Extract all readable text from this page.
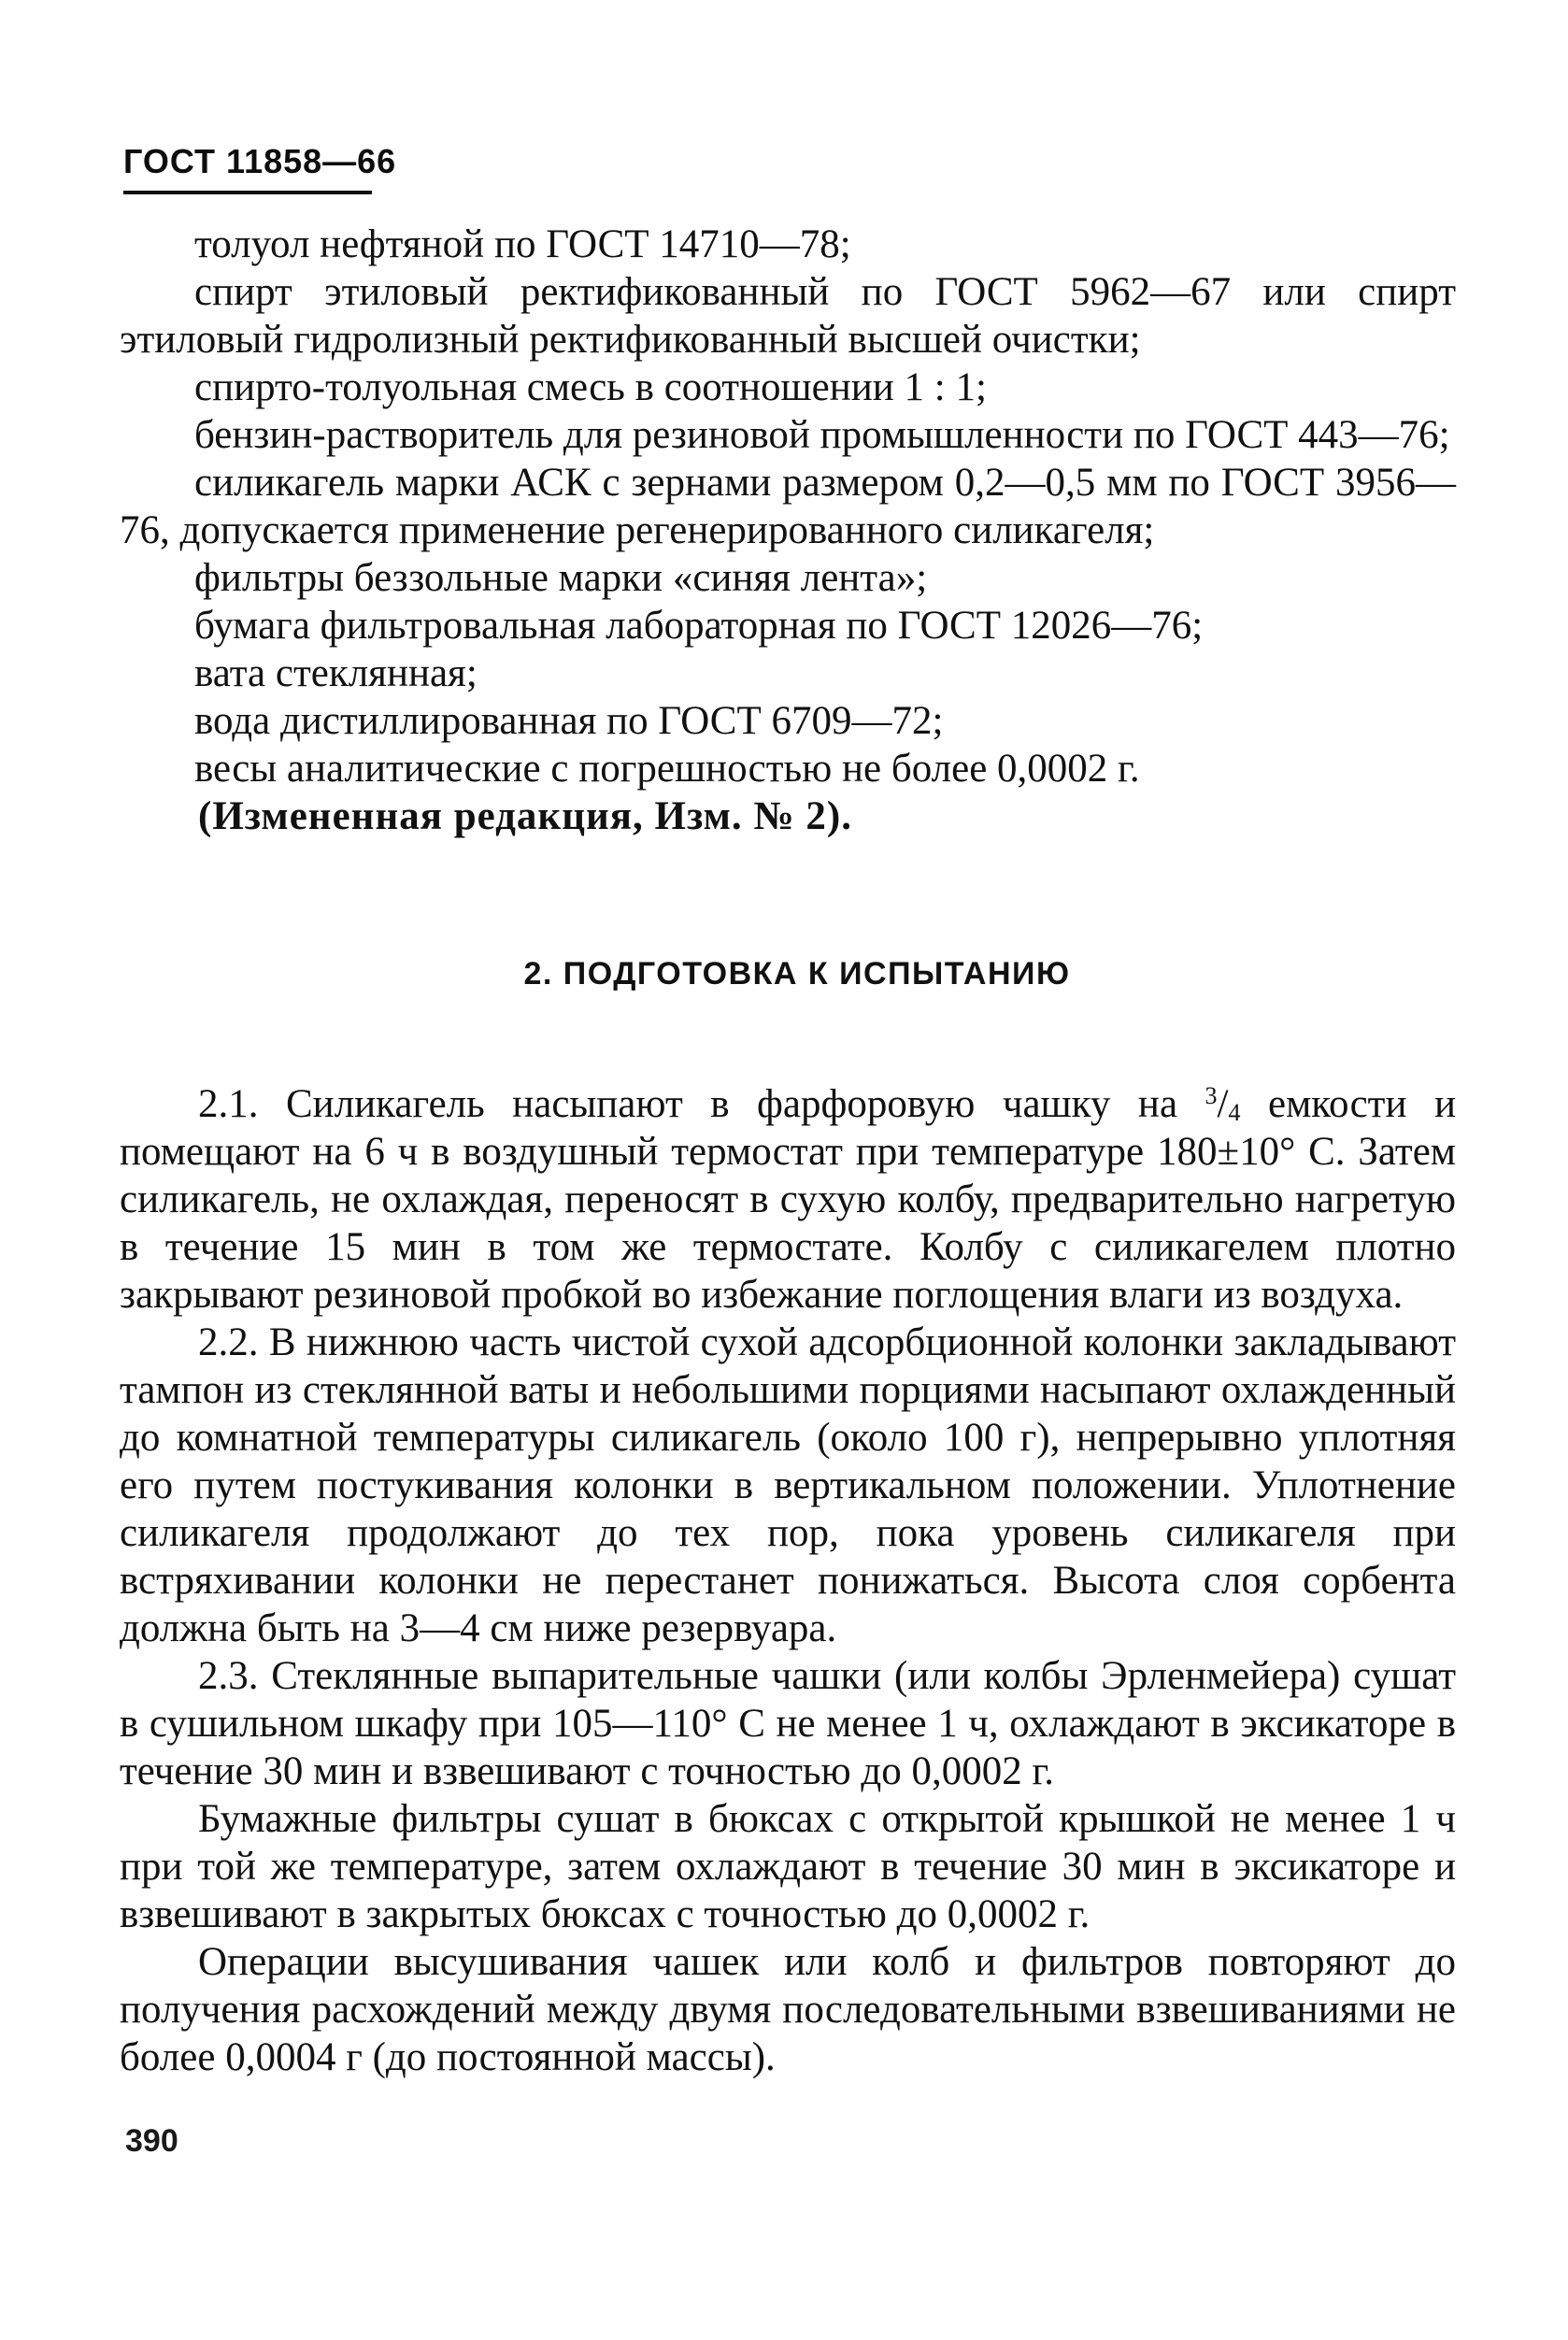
ГОСТ 11858—66

толуол нефтяной по ГОСТ 14710—78;

спирт этиловый ректификованный по ГОСТ 5962—67 или спирт этиловый гидролизный ректификованный высшей очистки;

спирто-толуольная смесь в соотношении 1 : 1;

бензин-растворитель для резиновой промышленности по ГОСТ 443—76;

силикагель марки АСК с зернами размером 0,2—0,5 мм по ГОСТ 3956—76, допускается применение регенерированного силикагеля;

фильтры беззольные марки «синяя лента»;

бумага фильтровальная лабораторная по ГОСТ 12026—76;

вата стеклянная;

вода дистиллированная по ГОСТ 6709—72;

весы аналитические с погрешностью не более 0,0002 г.

(Измененная редакция, Изм. № 2).

2. ПОДГОТОВКА К ИСПЫТАНИЮ

2.1. Силикагель насыпают в фарфоровую чашку на $^3/_4$ емкости и помещают на 6 ч в воздушный термостат при температуре 180±10° С. Затем силикагель, не охлаждая, переносят в сухую колбу, предварительно нагретую в течение 15 мин в том же термостате. Колбу с силикагелем плотно закрывают резиновой пробкой во избежание поглощения влаги из воздуха.

2.2. В нижнюю часть чистой сухой адсорбционной колонки закладывают тампон из стеклянной ваты и небольшими порциями насыпают охлажденный до комнатной температуры силикагель (около 100 г), непрерывно уплотняя его путем постукивания колонки в вертикальном положении. Уплотнение силикагеля продолжают до тех пор, пока уровень силикагеля при встряхивании колонки не перестанет понижаться. Высота слоя сорбента должна быть на 3—4 см ниже резервуара.

2.3. Стеклянные выпарительные чашки (или колбы Эрленмейера) сушат в сушильном шкафу при 105—110° С не менее 1 ч, охлаждают в эксикаторе в течение 30 мин и взвешивают с точностью до 0,0002 г.

Бумажные фильтры сушат в бюксах с открытой крышкой не менее 1 ч при той же температуре, затем охлаждают в течение 30 мин в эксикаторе и взвешивают в закрытых бюксах с точностью до 0,0002 г.

Операции высушивания чашек или колб и фильтров повторяют до получения расхождений между двумя последовательными взвешиваниями не более 0,0004 г (до постоянной массы).

390
